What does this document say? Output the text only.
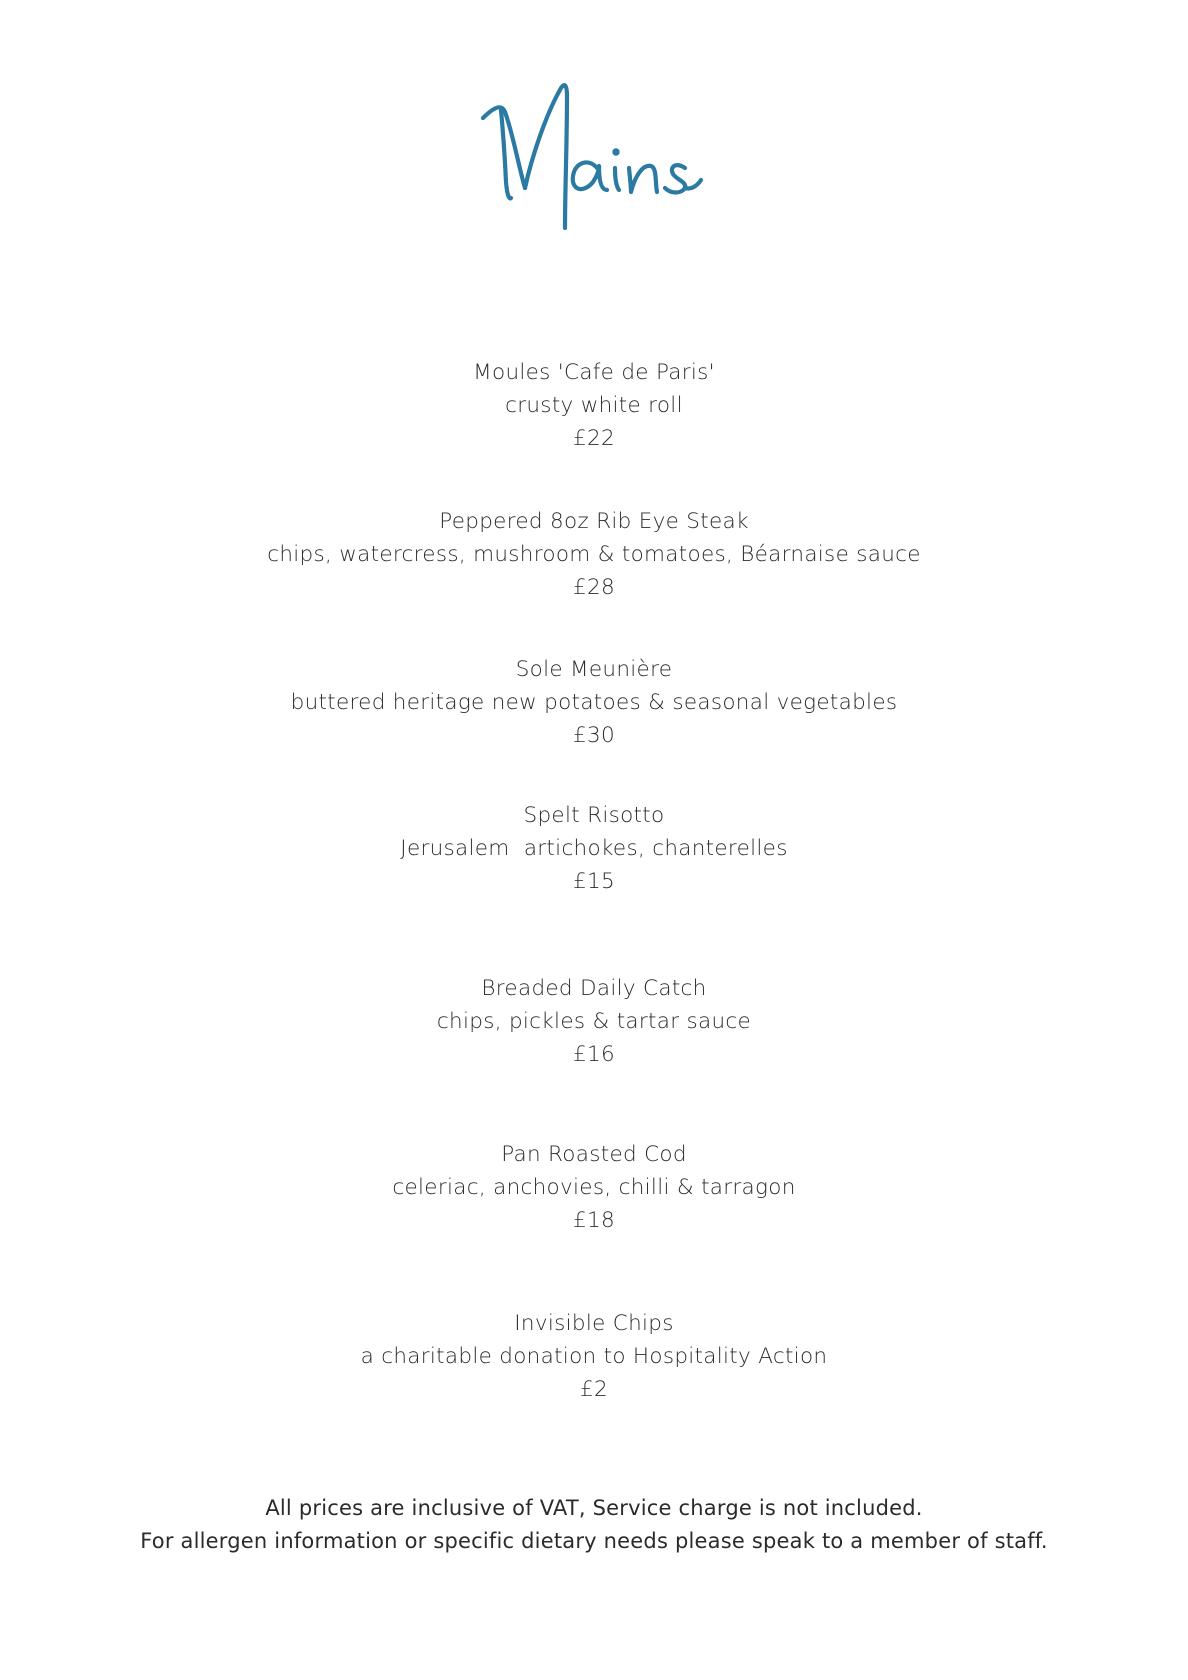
Moules 'Cafe de Paris'
crusty white roll
£22
Peppered 8oz Rib Eye Steak
chips, watercress, mushroom & tomatoes, Béarnaise sauce
£28
Sole Meunière
buttered heritage new potatoes & seasonal vegetables
£30
Spelt Risotto
Jerusalem  artichokes, chanterelles
£15
Breaded Daily Catch
chips, pickles & tartar sauce
£16
Pan Roasted Cod
celeriac, anchovies, chilli & tarragon
£18
Invisible Chips
a charitable donation to Hospitality Action
£2
All prices are inclusive of VAT, Service charge is not included.
For allergen information or specific dietary needs please speak to a member of staff.
